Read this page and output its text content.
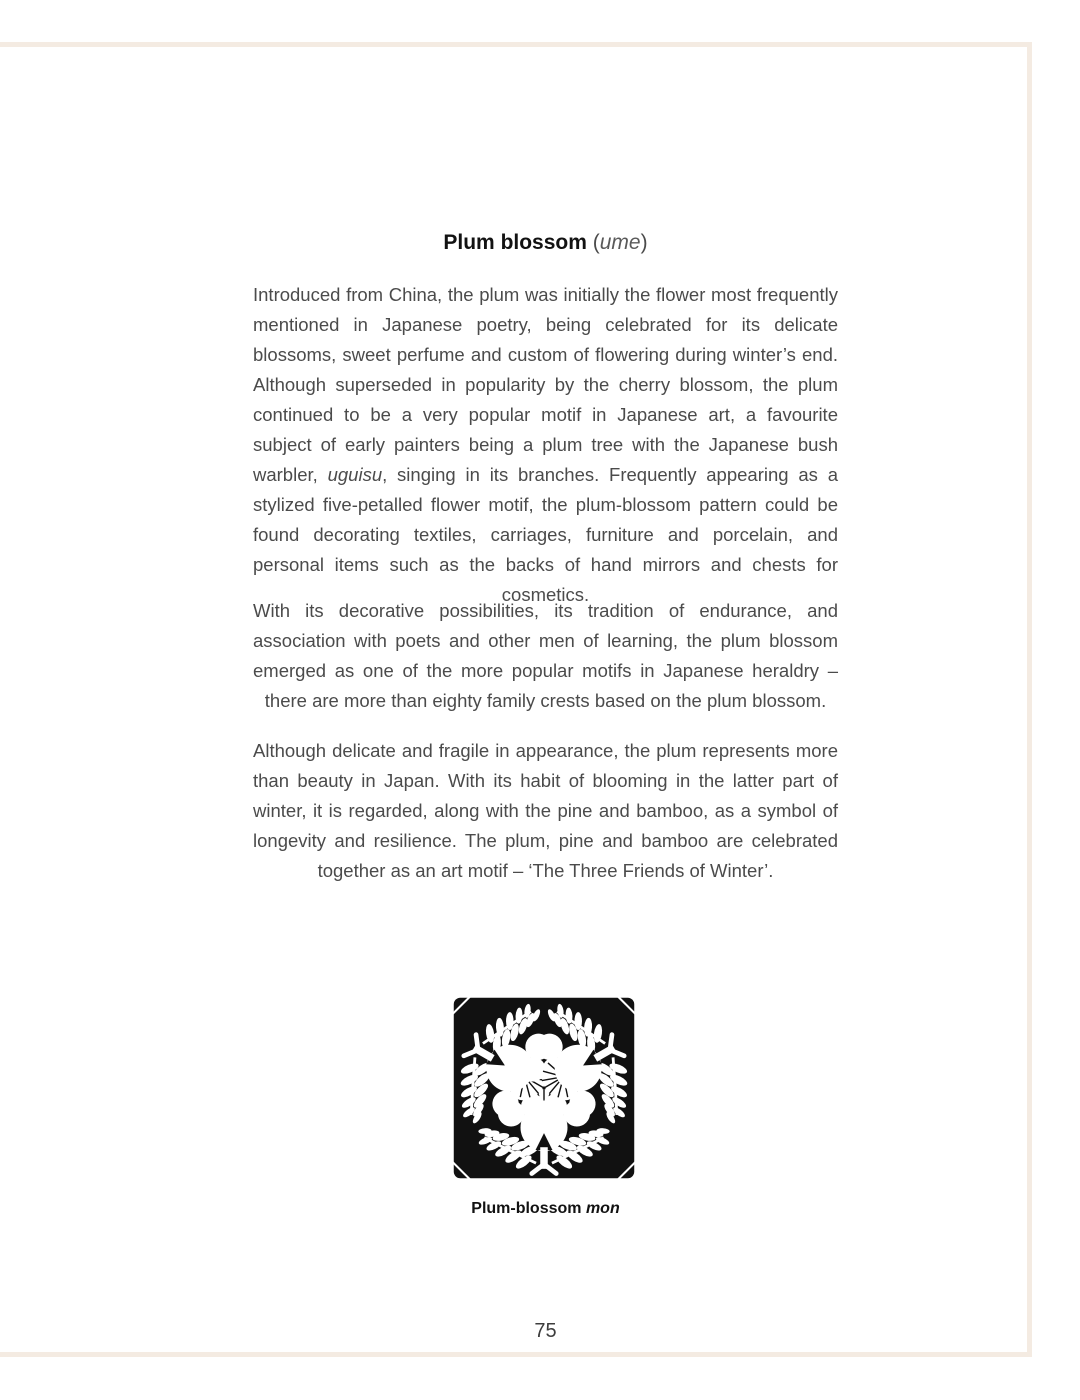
Plum blossom (ume)

Introduced from China, the plum was initially the flower most frequently mentioned in Japanese poetry, being celebrated for its delicate blossoms, sweet perfume and custom of flowering during winter’s end. Although superseded in popularity by the cherry blossom, the plum continued to be a very popular motif in Japanese art, a favourite subject of early painters being a plum tree with the Japanese bush warbler, uguisu, singing in its branches. Frequently appearing as a stylized five-petalled flower motif, the plum-blossom pattern could be found decorating textiles, carriages, furniture and porcelain, and personal items such as the backs of hand mirrors and chests for cosmetics.

With its decorative possibilities, its tradition of endurance, and association with poets and other men of learning, the plum blossom emerged as one of the more popular motifs in Japanese heraldry – there are more than eighty family crests based on the plum blossom.

Although delicate and fragile in appearance, the plum represents more than beauty in Japan. With its habit of blooming in the latter part of winter, it is regarded, along with the pine and bamboo, as a symbol of longevity and resilience. The plum, pine and bamboo are celebrated together as an art motif – ‘The Three Friends of Winter’.

Plum-blossom mon
75
